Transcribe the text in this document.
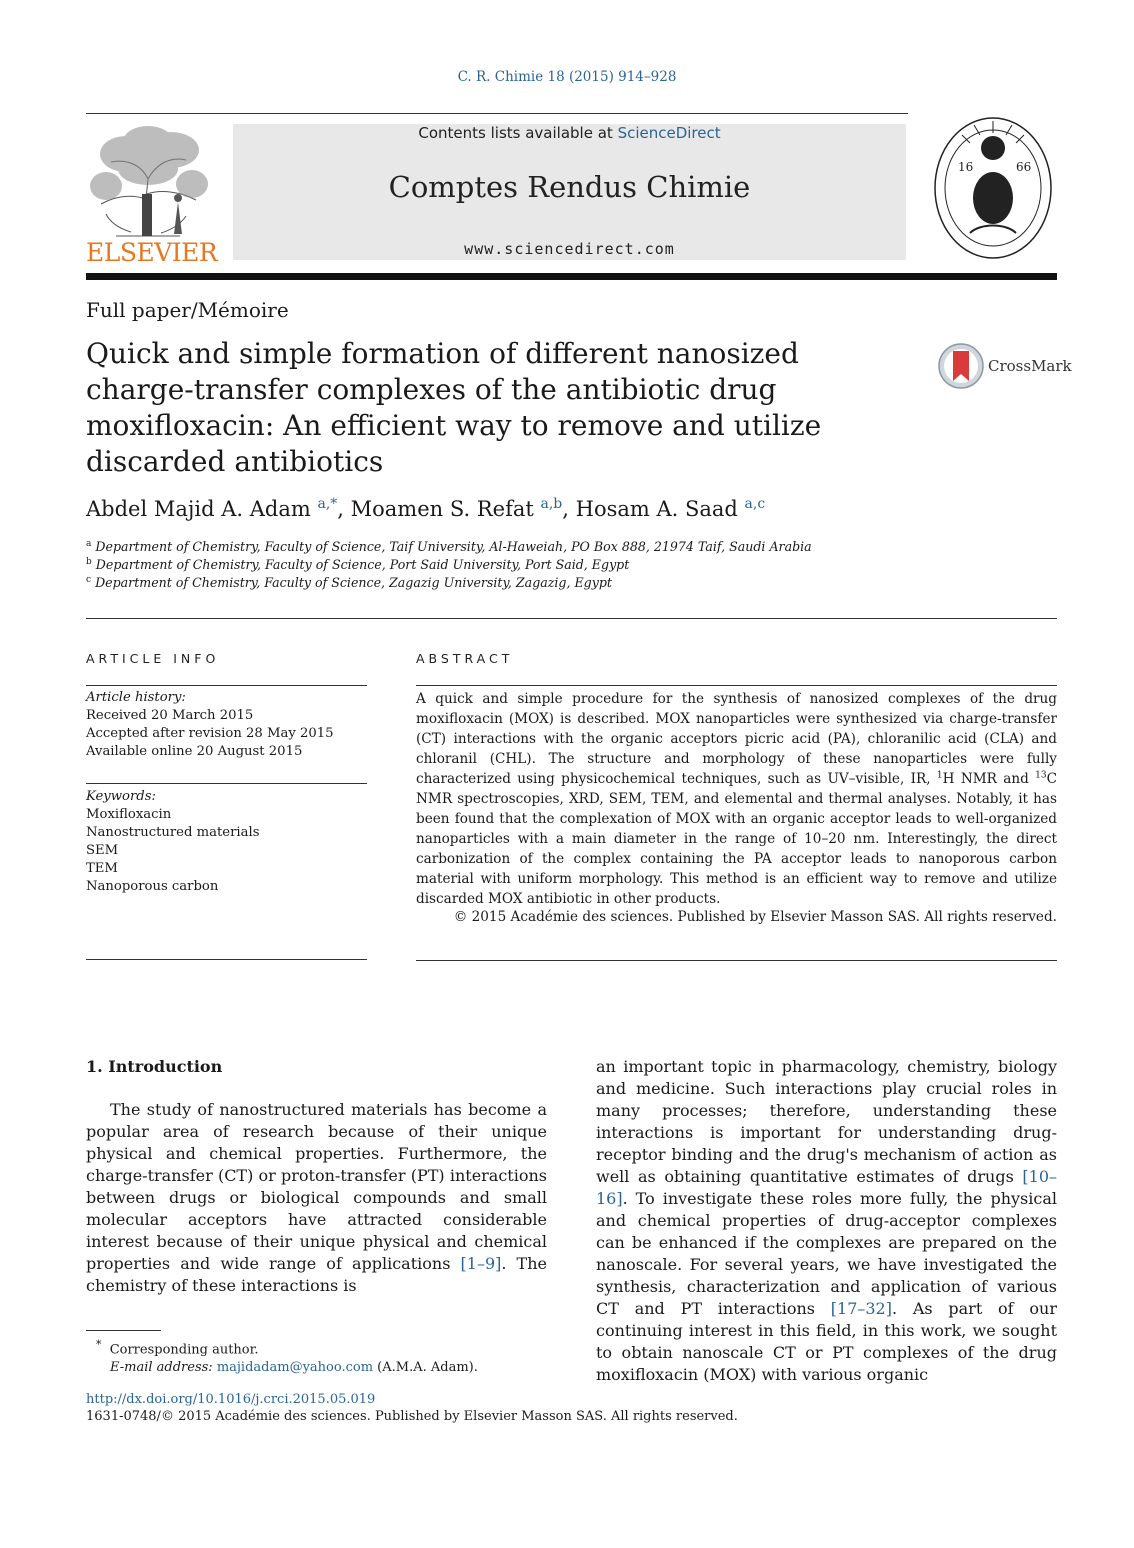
C. R. Chimie 18 (2015) 914–928
ELSEVIER
Contents lists available at ScienceDirect
Comptes Rendus Chimie
www.sciencedirect.com
16	66
Full paper/Mémoire
Quick and simple formation of different nanosized charge-transfer complexes of the antibiotic drug moxifloxacin: An efficient way to remove and utilize discarded antibiotics
CrossMark
Abdel Majid A. Adam $^{a,*}$, Moamen S. Refat $^{a,b}$, Hosam A. Saad $^{a,c}$
$^a$ Department of Chemistry, Faculty of Science, Taif University, Al-Haweiah, PO Box 888, 21974 Taif, Saudi Arabia
$^b$ Department of Chemistry, Faculty of Science, Port Said University, Port Said, Egypt
$^c$ Department of Chemistry, Faculty of Science, Zagazig University, Zagazig, Egypt
ARTICLE INFO
Article history:
Received 20 March 2015
Accepted after revision 28 May 2015
Available online 20 August 2015
Keywords:
Moxifloxacin
Nanostructured materials
SEM
TEM
Nanoporous carbon
ABSTRACT
A quick and simple procedure for the synthesis of nanosized complexes of the drug moxifloxacin (MOX) is described. MOX nanoparticles were synthesized via charge-transfer (CT) interactions with the organic acceptors picric acid (PA), chloranilic acid (CLA) and chloranil (CHL). The structure and morphology of these nanoparticles were fully characterized using physicochemical techniques, such as UV–visible, IR, $^1$H NMR and $^{13}$C NMR spectroscopies, XRD, SEM, TEM, and elemental and thermal analyses. Notably, it has been found that the complexation of MOX with an organic acceptor leads to well-organized nanoparticles with a main diameter in the range of 10–20 nm. Interestingly, the direct carbonization of the complex containing the PA acceptor leads to nanoporous carbon material with uniform morphology. This method is an efficient way to remove and utilize discarded MOX antibiotic in other products.
© 2015 Académie des sciences. Published by Elsevier Masson SAS. All rights reserved.
1. Introduction
The study of nanostructured materials has become a popular area of research because of their unique physical and chemical properties. Furthermore, the charge-transfer (CT) or proton-transfer (PT) interactions between drugs or biological compounds and small molecular acceptors have attracted considerable interest because of their unique physical and chemical properties and wide range of applications [1–9]. The chemistry of these interactions is
an important topic in pharmacology, chemistry, biology and medicine. Such interactions play crucial roles in many processes; therefore, understanding these interactions is important for understanding drug-receptor binding and the drug's mechanism of action as well as obtaining quantitative estimates of drugs [10–16]. To investigate these roles more fully, the physical and chemical properties of drug-acceptor complexes can be enhanced if the complexes are prepared on the nanoscale. For several years, we have investigated the synthesis, characterization and application of various CT and PT interactions [17–32]. As part of our continuing interest in this field, in this work, we sought to obtain nanoscale CT or PT complexes of the drug moxifloxacin (MOX) with various organic
* Corresponding author.
E-mail address: majidadam@yahoo.com (A.M.A. Adam).
http://dx.doi.org/10.1016/j.crci.2015.05.019
1631-0748/© 2015 Académie des sciences. Published by Elsevier Masson SAS. All rights reserved.
